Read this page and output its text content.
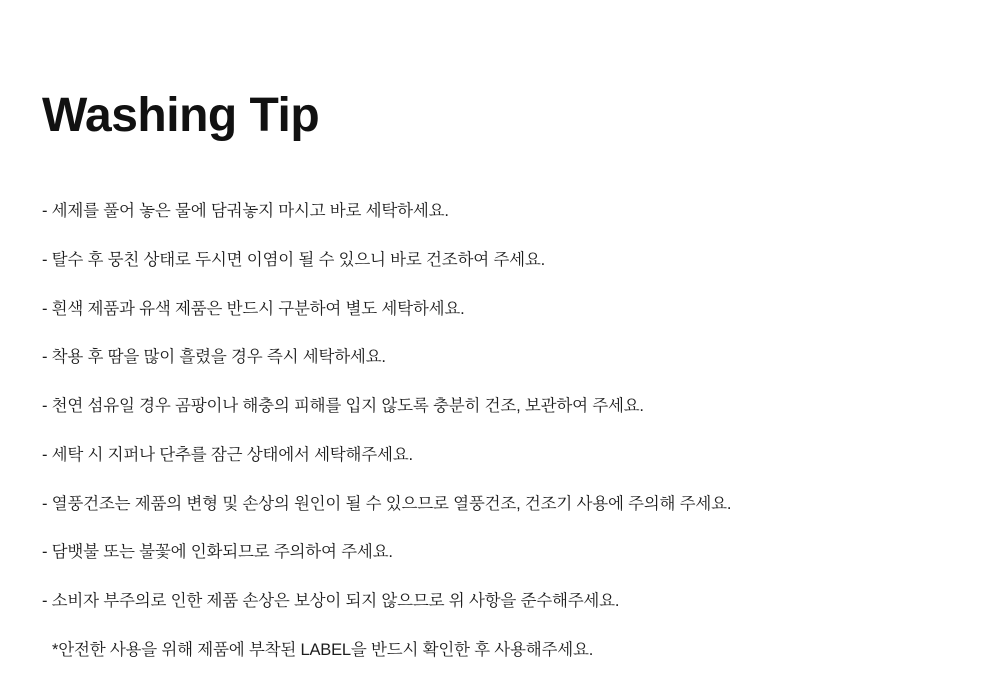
Washing Tip

- 세제를 풀어 놓은 물에 담궈놓지 마시고 바로 세탁하세요.

- 탈수 후 뭉친 상태로 두시면 이염이 될 수 있으니 바로 건조하여 주세요.

- 흰색 제품과 유색 제품은 반드시 구분하여 별도 세탁하세요.

- 착용 후 땀을 많이 흘렸을 경우 즉시 세탁하세요.

- 천연 섬유일 경우 곰팡이나 해충의 피해를 입지 않도록 충분히 건조, 보관하여 주세요.

- 세탁 시 지퍼나 단추를 잠근 상태에서 세탁해주세요.

- 열풍건조는 제품의 변형 및 손상의 원인이 될 수 있으므로 열풍건조, 건조기 사용에 주의해 주세요.

- 담뱃불 또는 불꽃에 인화되므로 주의하여 주세요.

- 소비자 부주의로 인한 제품 손상은 보상이 되지 않으므로 위 사항을 준수해주세요.

*안전한 사용을 위해 제품에 부착된 LABEL을 반드시 확인한 후 사용해주세요.
